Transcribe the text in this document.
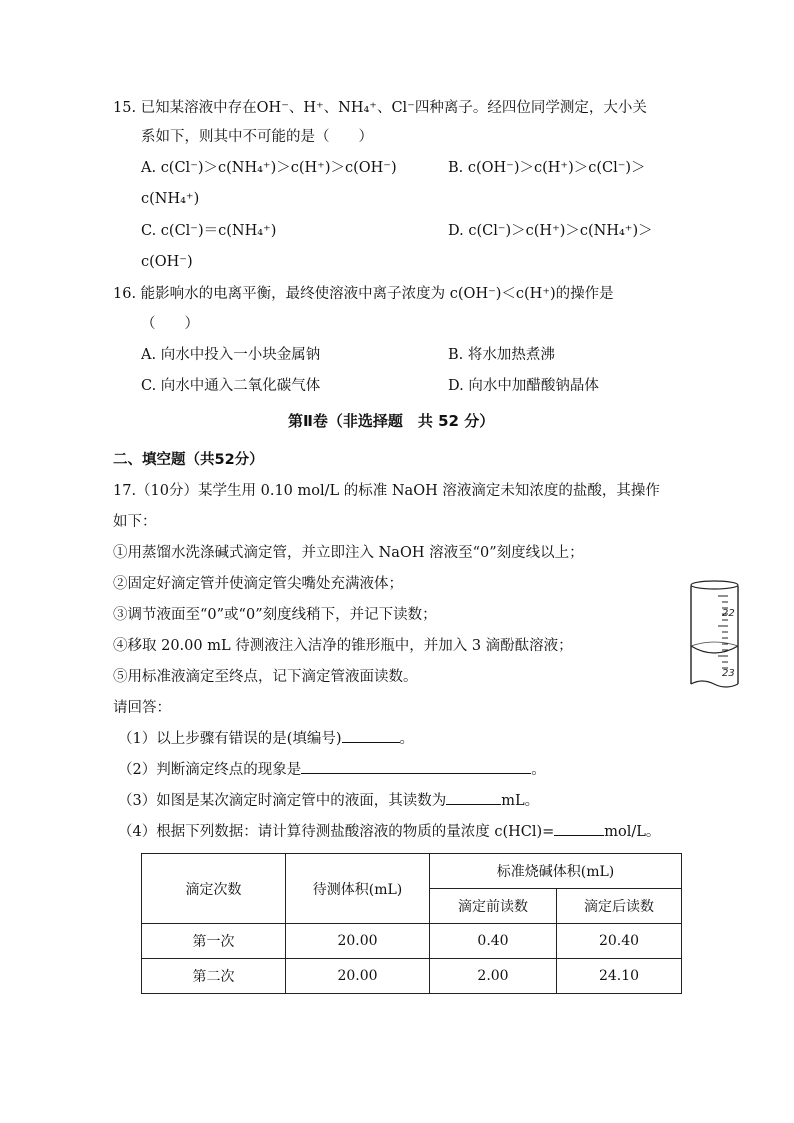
15. 已知某溶液中存在OH⁻、H⁺、NH₄⁺、Cl⁻四种离子。经四位同学测定，大小关
系如下，则其中不可能的是（　　）
A. c(Cl⁻)＞c(NH₄⁺)＞c(H⁺)＞c(OH⁻)	B. c(OH⁻)＞c(H⁺)＞c(Cl⁻)＞
c(NH₄⁺)
C. c(Cl⁻)＝c(NH₄⁺)	D. c(Cl⁻)＞c(H⁺)＞c(NH₄⁺)＞
c(OH⁻)
16. 能影响水的电离平衡，最终使溶液中离子浓度为 c(OH⁻)＜c(H⁺)的操作是
（　　）
A. 向水中投入一小块金属钠	B. 将水加热煮沸
C. 向水中通入二氧化碳气体	D. 向水中加醋酸钠晶体
第Ⅱ卷（非选择题　共 52 分）
二、填空题（共52分）
17.（10分）某学生用 0.10 mol/L 的标准 NaOH 溶液滴定未知浓度的盐酸，其操作
如下：
①用蒸馏水洗涤碱式滴定管，并立即注入 NaOH 溶液至“0”刻度线以上；
②固定好滴定管并使滴定管尖嘴处充满液体；
③调节液面至“0”或“0”刻度线稍下，并记下读数；
④移取 20.00 mL 待测液注入洁净的锥形瓶中，并加入 3 滴酚酞溶液；
⑤用标准液滴定至终点，记下滴定管液面读数。
请回答：
（1）以上步骤有错误的是(填编号)	。
（2）判断滴定终点的现象是	。
（3）如图是某次滴定时滴定管中的液面，其读数为	mL。
（4）根据下列数据：请计算待测盐酸溶液的物质的量浓度 c(HCl)=	mol/L。
22
23
滴定次数	待测体积(mL)	标准烧碱体积(mL)	
		滴定前读数	滴定后读数
第一次	20.00	0.40	20.40
第二次	20.00	2.00	24.10
